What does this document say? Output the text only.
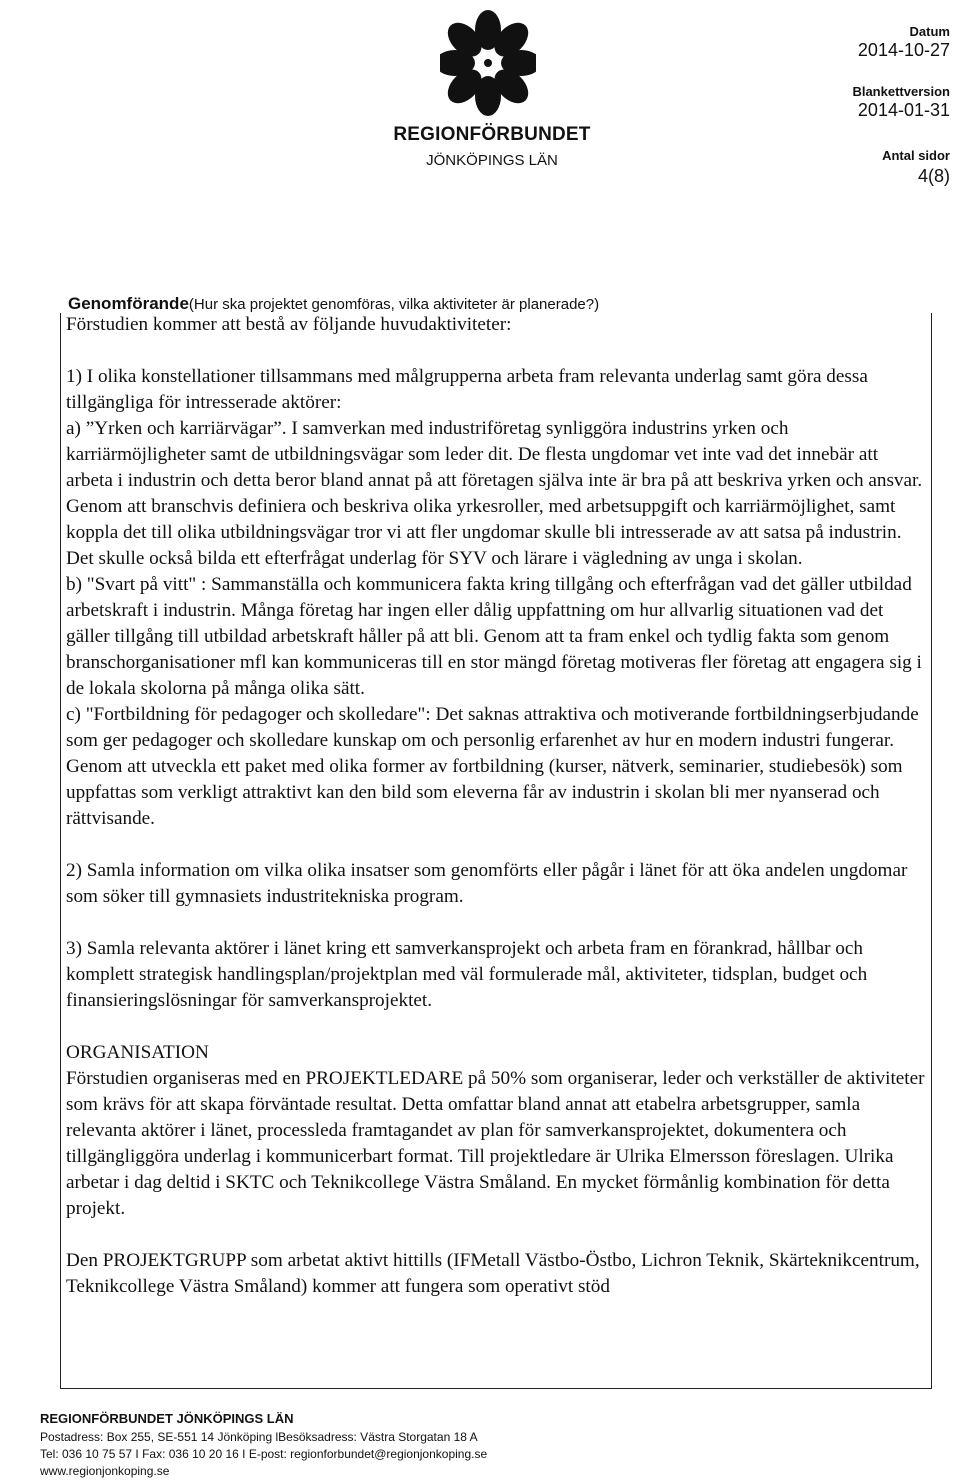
REGIONFÖRBUNDET
JÖNKÖPINGS LÄN
Datum
2014-10-27
Blankettversion
2014-01-31
Antal sidor
4(8)
Genomförande(Hur ska projektet genomföras, vilka aktiviteter är planerade?)

Förstudien kommer att bestå av följande huvudaktiviteter:

1) I olika konstellationer tillsammans med målgrupperna arbeta fram relevanta underlag samt göra dessa tillgängliga för intresserade aktörer:

a) ”Yrken och karriärvägar”. I samverkan med industriföretag synliggöra industrins yrken och karriärmöjligheter samt de utbildningsvägar som leder dit. De flesta ungdomar vet inte vad det innebär att arbeta i industrin och detta beror bland annat på att företagen själva inte är bra på att beskriva yrken och ansvar. Genom att branschvis definiera och beskriva olika yrkesroller, med arbetsuppgift och karriärmöjlighet, samt koppla det till olika utbildningsvägar tror vi att fler ungdomar skulle bli intresserade av att satsa på industrin.

Det skulle också bilda ett efterfrågat underlag för SYV och lärare i vägledning av unga i skolan.

b) "Svart på vitt" : Sammanställa och kommunicera fakta kring tillgång och efterfrågan vad det gäller utbildad arbetskraft i industrin. Många företag har ingen eller dålig uppfattning om hur allvarlig situationen vad det gäller tillgång till utbildad arbetskraft håller på att bli. Genom att ta fram enkel och tydlig fakta som genom branschorganisationer mfl kan kommuniceras till en stor mängd företag motiveras fler företag att engagera sig i de lokala skolorna på många olika sätt.

c) "Fortbildning för pedagoger och skolledare": Det saknas attraktiva och motiverande fortbildningserbjudande som ger pedagoger och skolledare kunskap om och personlig erfarenhet av hur en modern industri fungerar. Genom att utveckla ett paket med olika former av fortbildning (kurser, nätverk, seminarier, studiebesök) som uppfattas som verkligt attraktivt kan den bild som eleverna får av industrin i skolan bli mer nyanserad och rättvisande.

2) Samla information om vilka olika insatser som genomförts eller pågår i länet för att öka andelen ungdomar som söker till gymnasiets industritekniska program.

3) Samla relevanta aktörer i länet kring ett samverkansprojekt och arbeta fram en förankrad, hållbar och komplett strategisk handlingsplan/projektplan med väl formulerade mål, aktiviteter, tidsplan, budget och finansieringslösningar för samverkansprojektet.

ORGANISATION

Förstudien organiseras med en PROJEKTLEDARE på 50% som organiserar, leder och verkställer de aktiviteter som krävs för att skapa förväntade resultat. Detta omfattar bland annat att etabelra arbetsgrupper, samla relevanta aktörer i länet, processleda framtagandet av plan för samverkansprojektet, dokumentera och tillgängliggöra underlag i kommunicerbart format. Till projektledare är Ulrika Elmersson föreslagen. Ulrika arbetar i dag deltid i SKTC och Teknikcollege Västra Småland. En mycket förmånlig kombination för detta projekt.

Den PROJEKTGRUPP som arbetat aktivt hittills (IFMetall Västbo-Östbo, Lichron Teknik, Skärteknikcentrum, Teknikcollege Västra Småland) kommer att fungera som operativt stöd

REGIONFÖRBUNDET JÖNKÖPINGS LÄN
Postadress: Box 255, SE-551 14 Jönköping lBesöksadress: Västra Storgatan 18 A
Tel: 036 10 75 57 I Fax: 036 10 20 16 I E-post: regionforbundet@regionjonkoping.se
www.regionjonkoping.se
